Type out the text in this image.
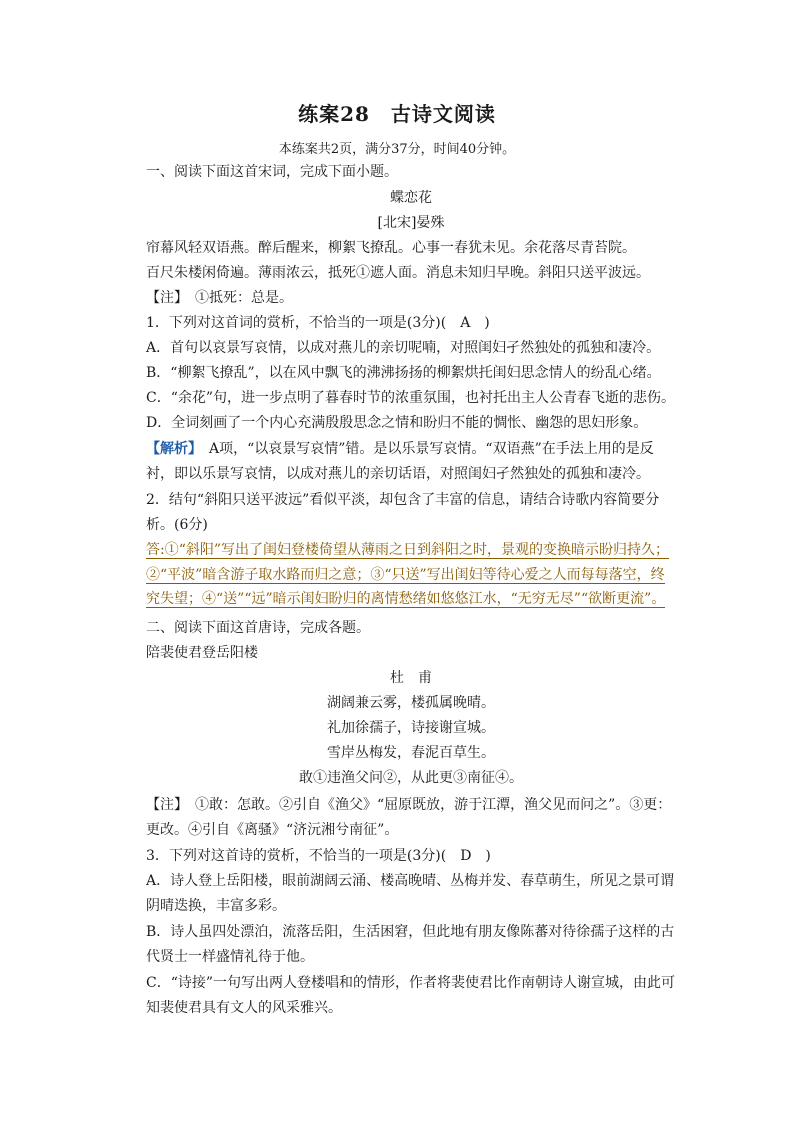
练案28　古诗文阅读
本练案共2页，满分37分，时间40分钟。
一、阅读下面这首宋词，完成下面小题。
蝶恋花
[北宋]晏殊
帘幕风轻双语燕。醉后醒来，柳絮飞撩乱。心事一春犹未见。余花落尽青苔院。
百尺朱楼闲倚遍。薄雨浓云，抵死①遮人面。消息未知归早晚。斜阳只送平波远。
【注】　①抵死：总是。
1．下列对这首词的赏析，不恰当的一项是(3分)(　A　)
A．首句以哀景写哀情，以成对燕儿的亲切呢喃，对照闺妇孑然独处的孤独和凄冷。
B．“柳絮飞撩乱”，以在风中飘飞的沸沸扬扬的柳絮烘托闺妇思念情人的纷乱心绪。
C．“余花”句，进一步点明了暮春时节的浓重氛围，也衬托出主人公青春飞逝的悲伤。
D．全词刻画了一个内心充满殷殷思念之情和盼归不能的惆怅、幽怨的思妇形象。
【解析】　A项，“以哀景写哀情”错。是以乐景写哀情。“双语燕”在手法上用的是反衬，即以乐景写哀情，以成对燕儿的亲切话语，对照闺妇孑然独处的孤独和凄冷。
2．结句“斜阳只送平波远”看似平淡，却包含了丰富的信息，请结合诗歌内容简要分析。(6分)
答:①“斜阳”写出了闺妇登楼倚望从薄雨之日到斜阳之时，景观的变换暗示盼归持久；②“平波”暗含游子取水路而归之意；③“只送”写出闺妇等待心爱之人而每每落空，终究失望；④“送”“远”暗示闺妇盼归的离情愁绪如悠悠江水，“无穷无尽”“欲断更流”。
二、阅读下面这首唐诗，完成各题。
陪裴使君登岳阳楼
杜　甫
湖阔兼云雾，楼孤属晚晴。
礼加徐孺子，诗接谢宣城。
雪岸丛梅发，春泥百草生。
敢①违渔父问②，从此更③南征④。
【注】　①敢：怎敢。②引自《渔父》“屈原既放，游于江潭，渔父见而问之”。③更：更改。④引自《离骚》“济沅湘兮南征”。
3．下列对这首诗的赏析，不恰当的一项是(3分)(　D　)
A．诗人登上岳阳楼，眼前湖阔云涌、楼高晚晴、丛梅并发、春草萌生，所见之景可谓阴晴迭换，丰富多彩。
B．诗人虽四处漂泊，流落岳阳，生活困窘，但此地有朋友像陈蕃对待徐孺子这样的古代贤士一样盛情礼待于他。
C．“诗接”一句写出两人登楼唱和的情形，作者将裴使君比作南朝诗人谢宣城，由此可知裴使君具有文人的风采雅兴。
